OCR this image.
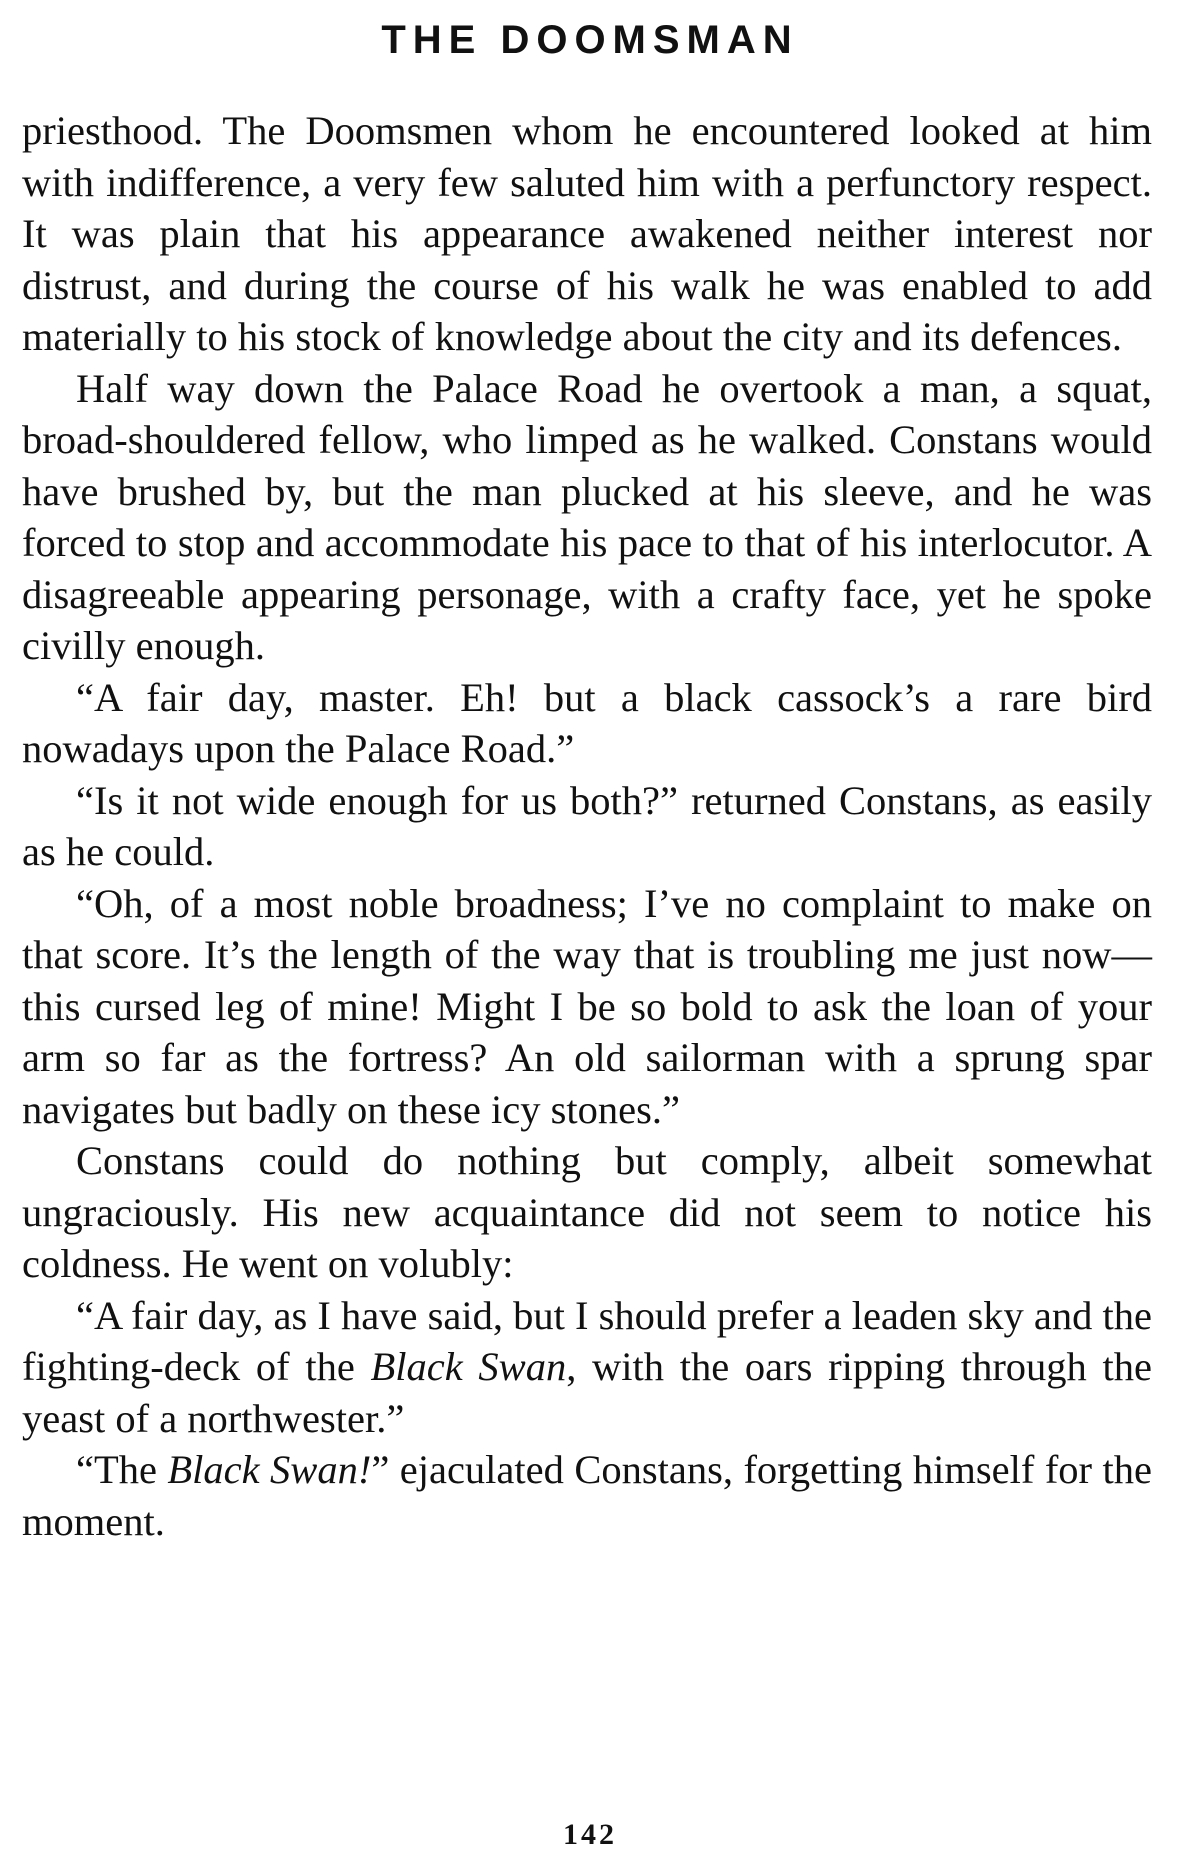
THE DOOMSMAN

priesthood. The Doomsmen whom he encountered looked at him with indifference, a very few saluted him with a perfunctory respect. It was plain that his appearance awakened neither interest nor distrust, and during the course of his walk he was enabled to add materially to his stock of knowledge about the city and its defences.

Half way down the Palace Road he overtook a man, a squat, broad-shouldered fellow, who limped as he walked. Constans would have brushed by, but the man plucked at his sleeve, and he was forced to stop and accommodate his pace to that of his interlocutor. A disagreeable appearing personage, with a crafty face, yet he spoke civilly enough.

“A fair day, master. Eh! but a black cassock’s a rare bird nowadays upon the Palace Road.”

“Is it not wide enough for us both?” returned Constans, as easily as he could.

“Oh, of a most noble broadness; I’ve no complaint to make on that score. It’s the length of the way that is troubling me just now—this cursed leg of mine! Might I be so bold to ask the loan of your arm so far as the fortress? An old sailorman with a sprung spar navigates but badly on these icy stones.”

Constans could do nothing but comply, albeit somewhat ungraciously. His new acquaintance did not seem to notice his coldness. He went on volubly:

“A fair day, as I have said, but I should prefer a leaden sky and the fighting-deck of the Black Swan, with the oars ripping through the yeast of a northwester.”

“The Black Swan!” ejaculated Constans, forgetting himself for the moment.

142
